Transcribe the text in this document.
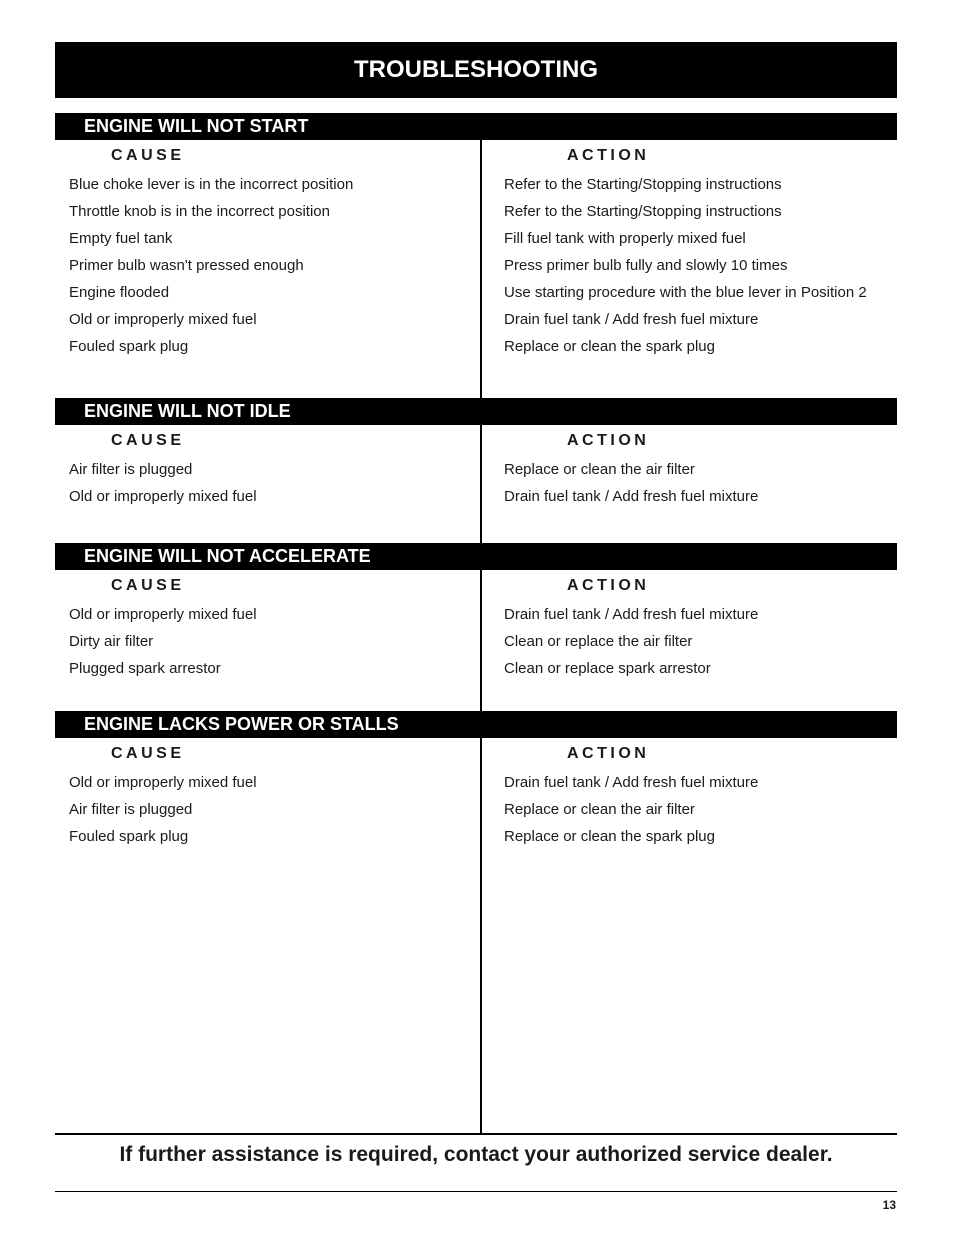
TROUBLESHOOTING
ENGINE WILL NOT START
CAUSE	ACTION
Blue choke lever is in the incorrect position	Refer to the Starting/Stopping instructions
Throttle knob is in the incorrect position	Refer to the Starting/Stopping instructions
Empty fuel tank	Fill fuel tank with properly mixed fuel
Primer bulb wasn't pressed enough	Press primer bulb fully and slowly 10 times
Engine flooded	Use starting procedure with the blue lever in Position 2
Old or improperly mixed fuel	Drain fuel tank / Add fresh fuel mixture
Fouled spark plug	Replace or clean the spark plug
ENGINE WILL NOT IDLE
CAUSE	ACTION
Air filter is plugged	Replace or clean the air filter
Old or improperly mixed fuel	Drain fuel tank / Add fresh fuel mixture
ENGINE WILL NOT ACCELERATE
CAUSE	ACTION
Old or improperly mixed fuel	Drain fuel tank / Add fresh fuel mixture
Dirty air filter	Clean or replace the air filter
Plugged spark arrestor	Clean or replace spark arrestor
ENGINE LACKS POWER OR STALLS
CAUSE	ACTION
Old or improperly mixed fuel	Drain fuel tank / Add fresh fuel mixture
Air filter is plugged	Replace or clean the air filter
Fouled spark plug	Replace or clean the spark plug
If further assistance is required, contact your authorized service dealer.
13
